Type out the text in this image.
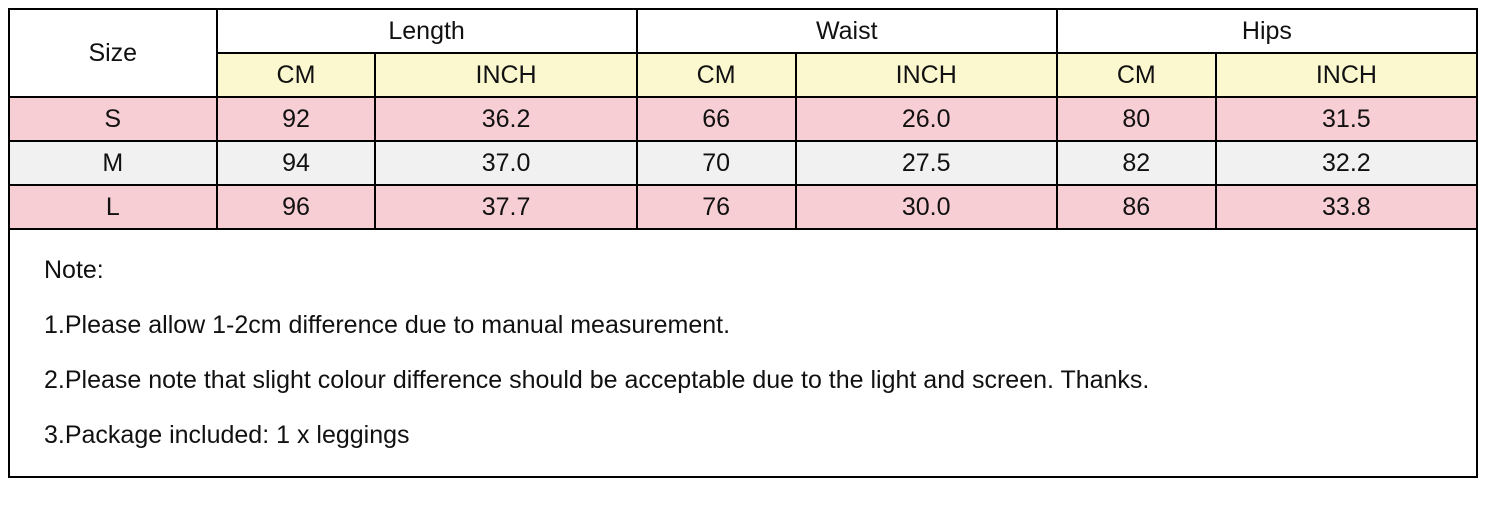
Size	Length		Waist		Hips	
	CM	INCH	CM	INCH	CM	INCH
S	92	36.2	66	26.0	80	31.5
M	94	37.0	70	27.5	82	32.2
L	96	37.7	76	30.0	86	33.8
Note:
1.Please allow 1-2cm difference due to manual measurement.
2.Please note that slight colour difference should be acceptable due to the light and screen. Thanks.
3.Package included: 1 x leggings
